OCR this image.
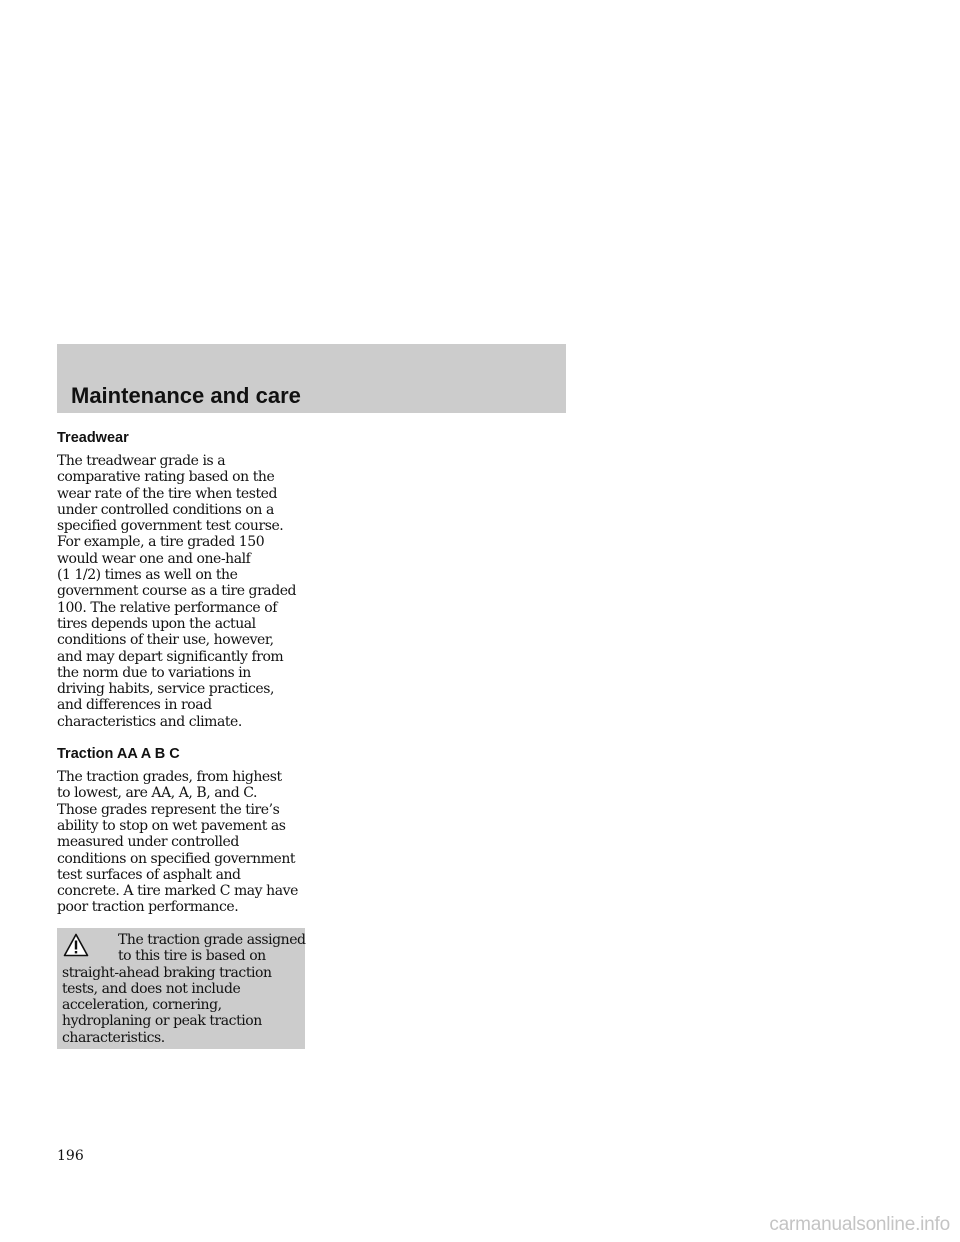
Maintenance and care
Treadwear

The treadwear grade is a
comparative rating based on the
wear rate of the tire when tested
under controlled conditions on a
specified government test course.
For example, a tire graded 150
would wear one and one-half
(1 1/2) times as well on the
government course as a tire graded
100. The relative performance of
tires depends upon the actual
conditions of their use, however,
and may depart significantly from
the norm due to variations in
driving habits, service practices,
and differences in road
characteristics and climate.

Traction AA A B C

The traction grades, from highest
to lowest, are AA, A, B, and C.
Those grades represent the tire’s
ability to stop on wet pavement as
measured under controlled
conditions on specified government
test surfaces of asphalt and
concrete. A tire marked C may have
poor traction performance.

The traction grade assigned
to this tire is based on
straight-ahead braking traction
tests, and does not include
acceleration, cornering,
hydroplaning or peak traction
characteristics.

196

carmanualsonline.info
